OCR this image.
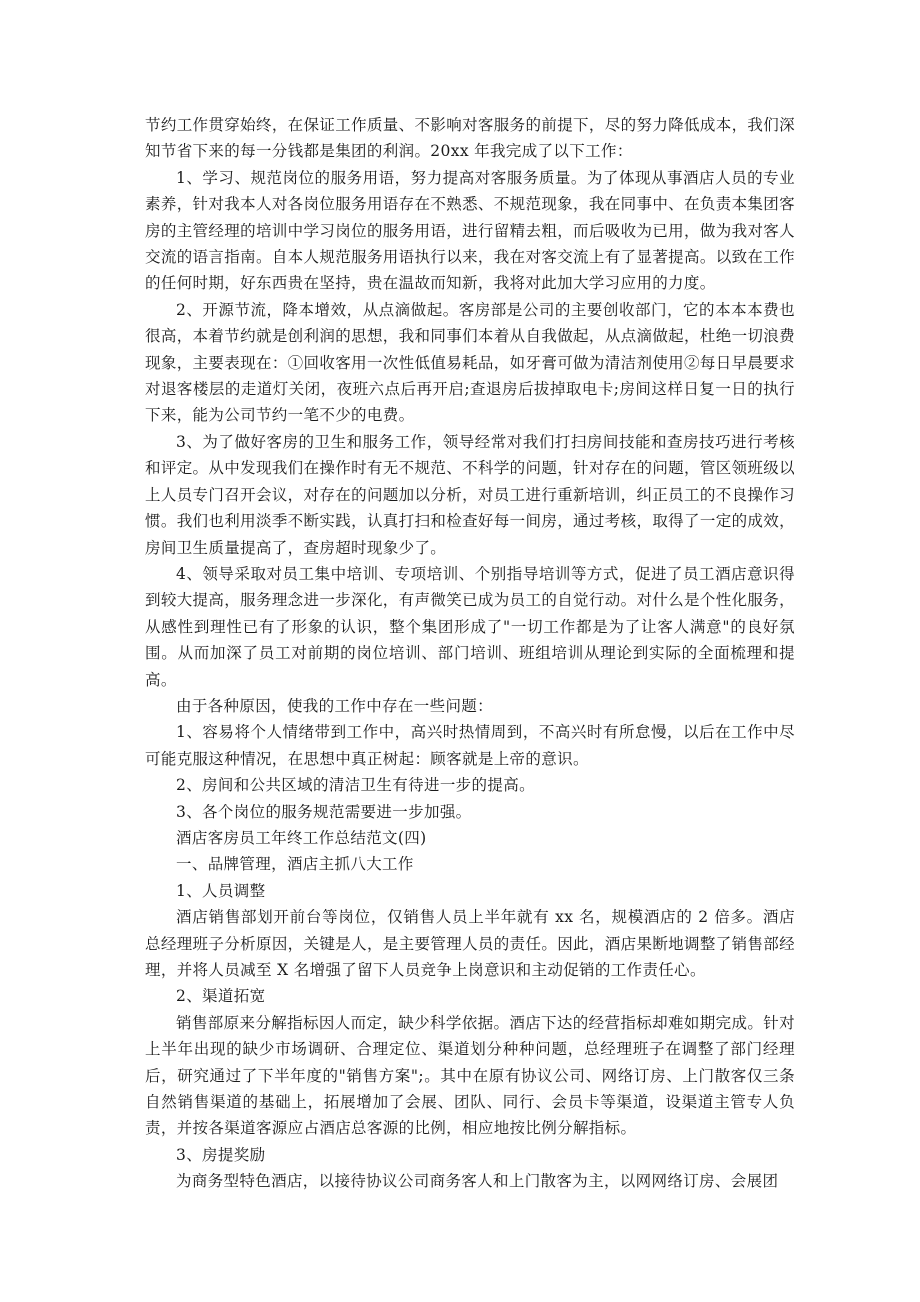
节约工作贯穿始终，在保证工作质量、不影响对客服务的前提下，尽的努力降低成本，我们深知节省下来的每一分钱都是集团的利润。20xx 年我完成了以下工作：

1、学习、规范岗位的服务用语，努力提高对客服务质量。为了体现从事酒店人员的专业素养，针对我本人对各岗位服务用语存在不熟悉、不规范现象，我在同事中、在负责本集团客房的主管经理的培训中学习岗位的服务用语，进行留精去粗，而后吸收为已用，做为我对客人交流的语言指南。自本人规范服务用语执行以来，我在对客交流上有了显著提高。以致在工作的任何时期，好东西贵在坚持，贵在温故而知新，我将对此加大学习应用的力度。

2、开源节流，降本增效，从点滴做起。客房部是公司的主要创收部门，它的本本本费也很高，本着节约就是创利润的思想，我和同事们本着从自我做起，从点滴做起，杜绝一切浪费现象，主要表现在：①回收客用一次性低值易耗品，如牙膏可做为清洁剂使用②每日早晨要求对退客楼层的走道灯关闭，夜班六点后再开启;查退房后拔掉取电卡;房间这样日复一日的执行下来，能为公司节约一笔不少的电费。

3、为了做好客房的卫生和服务工作，领导经常对我们打扫房间技能和查房技巧进行考核和评定。从中发现我们在操作时有无不规范、不科学的问题，针对存在的问题，管区领班级以上人员专门召开会议，对存在的问题加以分析，对员工进行重新培训，纠正员工的不良操作习惯。我们也利用淡季不断实践，认真打扫和检查好每一间房，通过考核，取得了一定的成效，房间卫生质量提高了，查房超时现象少了。

4、领导采取对员工集中培训、专项培训、个别指导培训等方式，促进了员工酒店意识得到较大提高，服务理念进一步深化，有声微笑已成为员工的自觉行动。对什么是个性化服务，从感性到理性已有了形象的认识，整个集团形成了"一切工作都是为了让客人满意"的良好氛围。从而加深了员工对前期的岗位培训、部门培训、班组培训从理论到实际的全面梳理和提高。

由于各种原因，使我的工作中存在一些问题：

1、容易将个人情绪带到工作中，高兴时热情周到，不高兴时有所怠慢，以后在工作中尽可能克服这种情况，在思想中真正树起：顾客就是上帝的意识。

2、房间和公共区域的清洁卫生有待进一步的提高。

3、各个岗位的服务规范需要进一步加强。

酒店客房员工年终工作总结范文(四)

一、品牌管理，酒店主抓八大工作

1、人员调整

酒店销售部划开前台等岗位，仅销售人员上半年就有 xx 名，规模酒店的 2 倍多。酒店总经理班子分析原因，关键是人，是主要管理人员的责任。因此，酒店果断地调整了销售部经理，并将人员减至 X 名增强了留下人员竞争上岗意识和主动促销的工作责任心。

2、渠道拓宽

销售部原来分解指标因人而定，缺少科学依据。酒店下达的经营指标却难如期完成。针对上半年出现的缺少市场调研、合理定位、渠道划分种种问题，总经理班子在调整了部门经理后，研究通过了下半年度的"销售方案";。其中在原有协议公司、网络订房、上门散客仅三条自然销售渠道的基础上，拓展增加了会展、团队、同行、会员卡等渠道，设渠道主管专人负责，并按各渠道客源应占酒店总客源的比例，相应地按比例分解指标。

3、房提奖励

为商务型特色酒店，以接待协议公司商务客人和上门散客为主，以网网络订房、会展团
